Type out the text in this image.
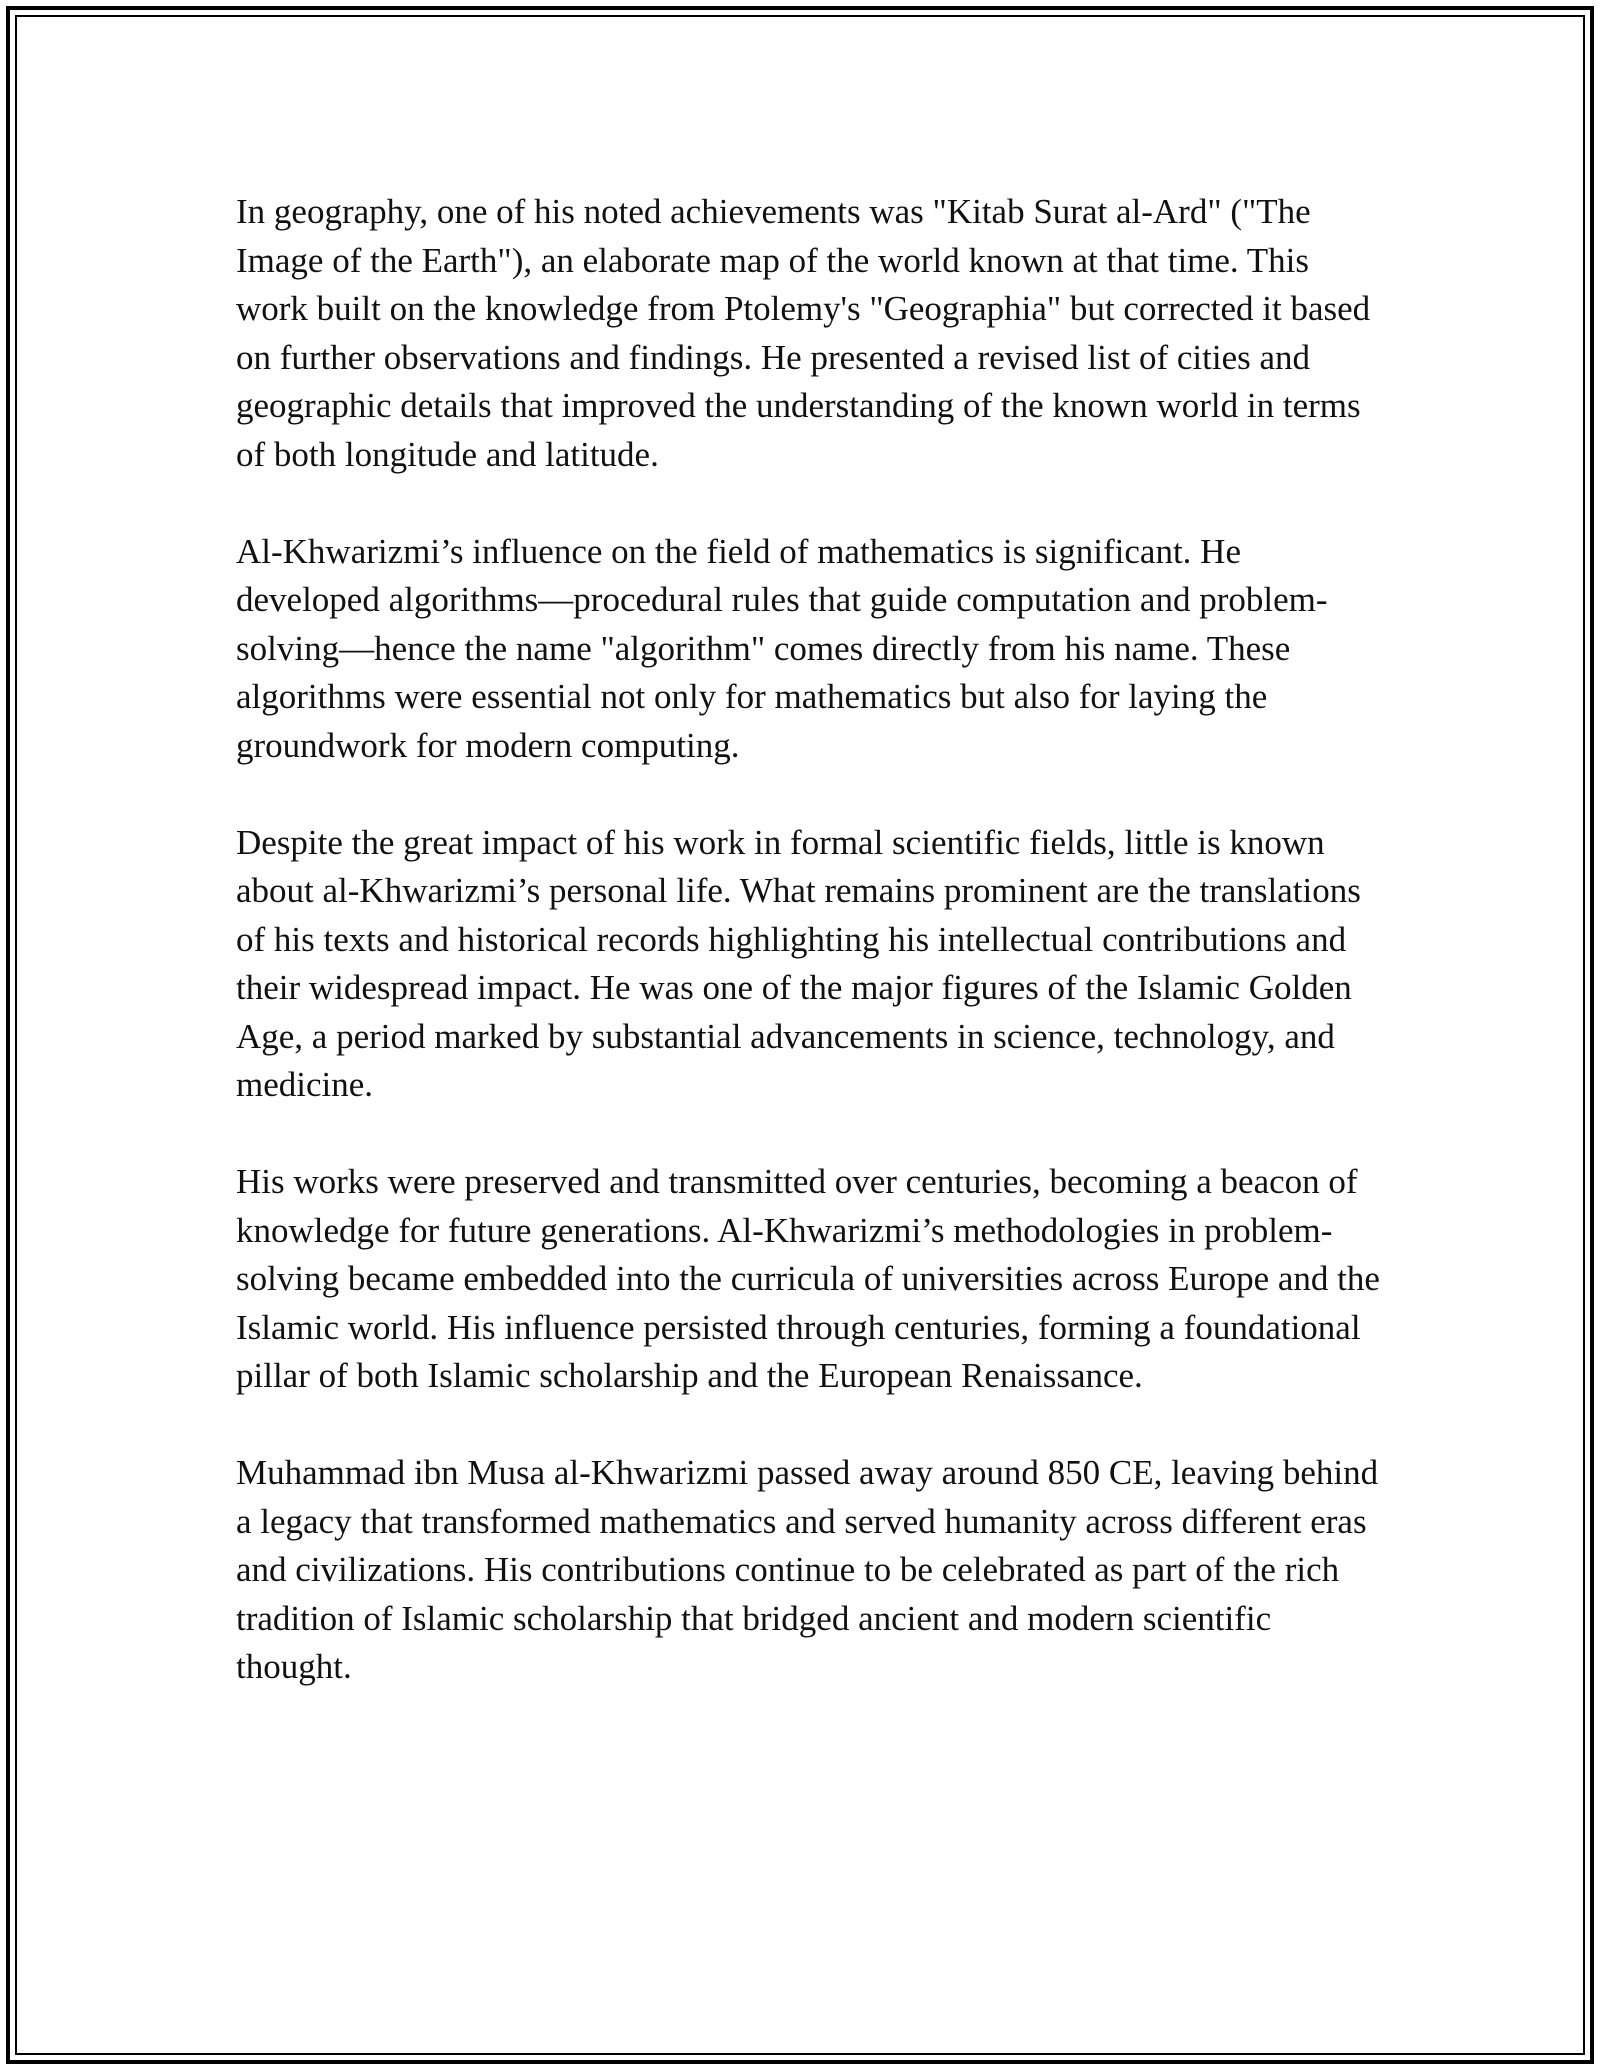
In geography, one of his noted achievements was "Kitab Surat al-Ard" ("The Image of the Earth"), an elaborate map of the world known at that time. This work built on the knowledge from Ptolemy's "Geographia" but corrected it based on further observations and findings. He presented a revised list of cities and geographic details that improved the understanding of the known world in terms of both longitude and latitude.

Al-Khwarizmi’s influence on the field of mathematics is significant. He developed algorithms—procedural rules that guide computation and problem-solving—hence the name "algorithm" comes directly from his name. These algorithms were essential not only for mathematics but also for laying the groundwork for modern computing.

Despite the great impact of his work in formal scientific fields, little is known about al-Khwarizmi’s personal life. What remains prominent are the translations of his texts and historical records highlighting his intellectual contributions and their widespread impact. He was one of the major figures of the Islamic Golden Age, a period marked by substantial advancements in science, technology, and medicine.

His works were preserved and transmitted over centuries, becoming a beacon of knowledge for future generations. Al-Khwarizmi’s methodologies in problem-solving became embedded into the curricula of universities across Europe and the Islamic world. His influence persisted through centuries, forming a foundational pillar of both Islamic scholarship and the European Renaissance.

Muhammad ibn Musa al-Khwarizmi passed away around 850 CE, leaving behind a legacy that transformed mathematics and served humanity across different eras and civilizations. His contributions continue to be celebrated as part of the rich tradition of Islamic scholarship that bridged ancient and modern scientific thought.
